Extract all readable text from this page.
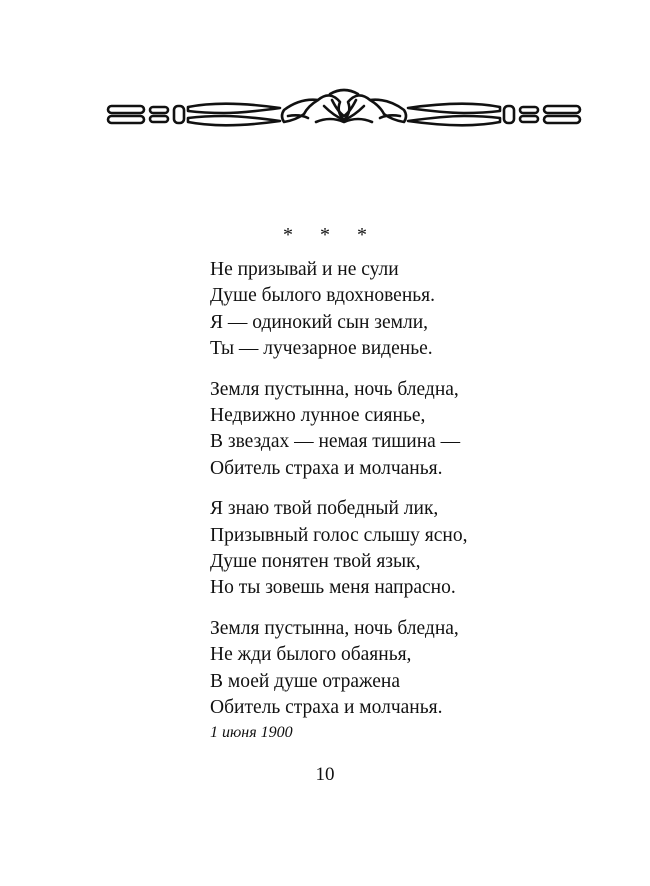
* * *
Не призывай и не сули
Душе былого вдохновенья.
Я — одинокий сын земли,
Ты — лучезарное виденье.
Земля пустынна, ночь бледна,
Недвижно лунное сиянье,
В звездах — немая тишина —
Обитель страха и молчанья.
Я знаю твой победный лик,
Призывный голос слышу ясно,
Душе понятен твой язык,
Но ты зовешь меня напрасно.
Земля пустынна, ночь бледна,
Не жди былого обаянья,
В моей душе отражена
Обитель страха и молчанья.
1 июня 1900
10
